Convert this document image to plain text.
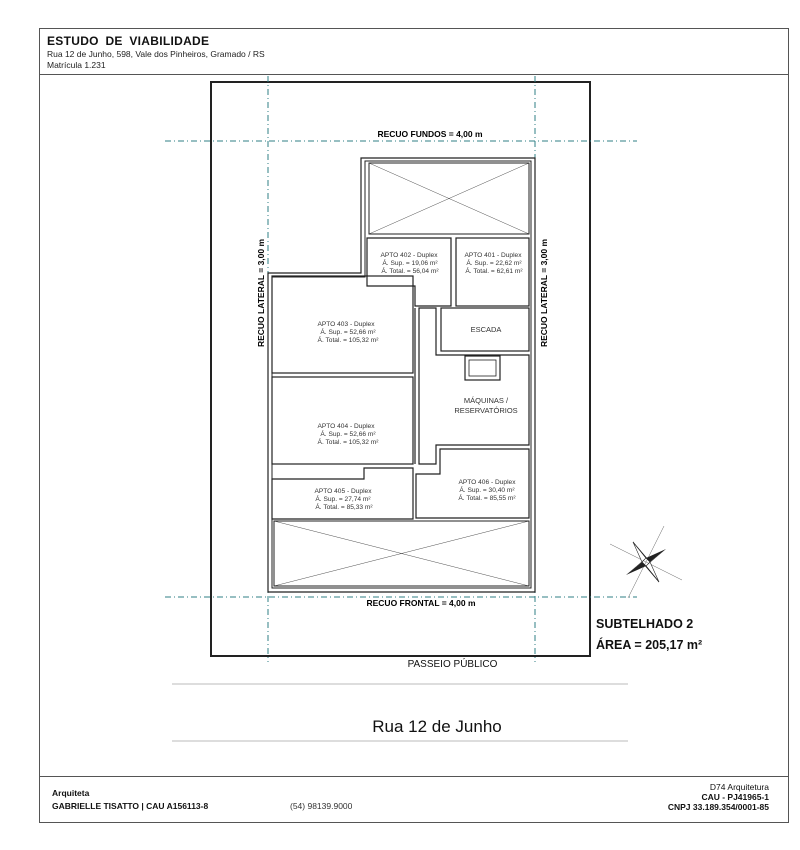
ESTUDO DE VIABILIDADE
Rua 12 de Junho, 598, Vale dos Pinheiros, Gramado / RS
Matrícula 1.231
RECUO FUNDOS = 4,00 m
RECUO FRONTAL = 4,00 m
RECUO LATERAL = 3,00 m	RECUO LATERAL = 3,00 m
APTO 402 - Duplex
Á. Sup. = 19,06 m²
Á. Total. = 56,04 m²
APTO 401 - Duplex
Á. Sup. = 22,62 m²
Á. Total. = 62,61 m²
APTO 403 - Duplex
Á. Sup. = 52,66 m²
Á. Total. = 105,32 m²
APTO 404 - Duplex
Á. Sup. = 52,66 m²
Á. Total. = 105,32 m²
APTO 405 - Duplex
Á. Sup. = 27,74 m²
Á. Total. = 85,33 m²
APTO 406 - Duplex
Á. Sup. = 30,40 m²
Á. Total. = 85,55 m²
ESCADA
MÁQUINAS /
RESERVATÓRIOS
PASSEIO PÚBLICO
Rua 12 de Junho
SUBTELHADO 2
ÁREA = 205,17 m²
Arquiteta
GABRIELLE TISATTO | CAU A156113-8	(54) 98139.9000
D74 Arquitetura
CAU - PJ41965-1
CNPJ 33.189.354/0001-85
